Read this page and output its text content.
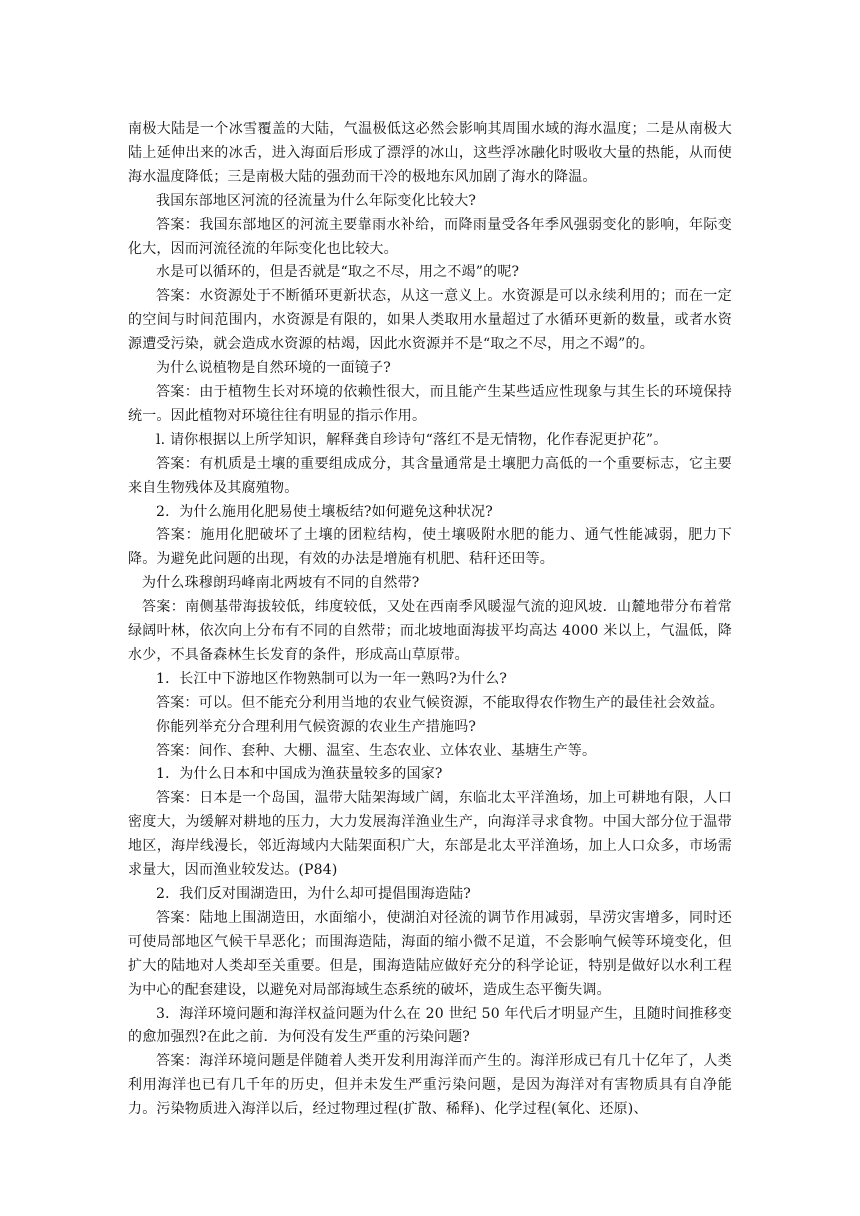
南极大陆是一个冰雪覆盖的大陆，气温极低这必然会影响其周围水域的海水温度；二是从南极大陆上延伸出来的冰舌，进入海面后形成了漂浮的冰山，这些浮冰融化时吸收大量的热能，从而使海水温度降低；三是南极大陆的强劲而干冷的极地东风加剧了海水的降温。

我国东部地区河流的径流量为什么年际变化比较大?

答案：我国东部地区的河流主要靠雨水补给，而降雨量受各年季风强弱变化的影响，年际变化大，因而河流径流的年际变化也比较大。

水是可以循环的，但是否就是“取之不尽，用之不竭”的呢?

答案：水资源处于不断循环更新状态，从这一意义上。水资源是可以永续利用的；而在一定的空间与时间范围内，水资源是有限的，如果人类取用水量超过了水循环更新的数量，或者水资源遭受污染，就会造成水资源的枯竭，因此水资源并不是“取之不尽，用之不竭”的。

为什么说植物是自然环境的一面镜子?

答案：由于植物生长对环境的依赖性很大，而且能产生某些适应性现象与其生长的环境保持统一。因此植物对环境往往有明显的指示作用。

l. 请你根据以上所学知识，解释龚自珍诗句“落红不是无情物，化作春泥更护花”。

答案：有机质是土壤的重要组成成分，其含量通常是土壤肥力高低的一个重要标志，它主要来自生物残体及其腐殖物。

2．为什么施用化肥易使土壤板结?如何避免这种状况?

答案：施用化肥破坏了土壤的团粒结构，使土壤吸附水肥的能力、通气性能减弱，肥力下降。为避免此问题的出现，有效的办法是增施有机肥、秸秆还田等。

为什么珠穆朗玛峰南北两坡有不同的自然带?

答案：南侧基带海拔较低，纬度较低，又处在西南季风暖湿气流的迎风坡．山麓地带分布着常绿阔叶林，依次向上分布有不同的自然带；而北坡地面海拔平均高达 4000 米以上，气温低，降水少，不具备森林生长发育的条件，形成高山草原带。

1．长江中下游地区作物熟制可以为一年一熟吗?为什么?

答案：可以。但不能充分利用当地的农业气候资源，不能取得农作物生产的最佳社会效益。

你能列举充分合理利用气候资源的农业生产措施吗?

答案：间作、套种、大棚、温室、生态农业、立体农业、基塘生产等。

1．为什么日本和中国成为渔获量较多的国家?

答案：日本是一个岛国，温带大陆架海域广阔，东临北太平洋渔场，加上可耕地有限，人口密度大，为缓解对耕地的压力，大力发展海洋渔业生产，向海洋寻求食物。中国大部分位于温带地区，海岸线漫长，邻近海域内大陆架面积广大，东部是北太平洋渔场，加上人口众多，市场需求量大，因而渔业较发达。(P84)

2．我们反对围湖造田，为什么却可提倡围海造陆?

答案：陆地上围湖造田，水面缩小，使湖泊对径流的调节作用减弱，旱涝灾害增多，同时还可使局部地区气候干旱恶化；而围海造陆，海面的缩小微不足道，不会影响气候等环境变化，但扩大的陆地对人类却至关重要。但是，围海造陆应做好充分的科学论证，特别是做好以水利工程为中心的配套建设，以避免对局部海域生态系统的破坏，造成生态平衡失调。

3．海洋环境问题和海洋权益问题为什么在 20 世纪 50 年代后才明显产生，且随时间推移变的愈加强烈?在此之前．为何没有发生严重的污染问题?

答案：海洋环境问题是伴随着人类开发利用海洋而产生的。海洋形成已有几十亿年了，人类利用海洋也已有几千年的历史，但并未发生严重污染问题，是因为海洋对有害物质具有自净能力。污染物质进入海洋以后，经过物理过程(扩散、稀释)、化学过程(氧化、还原)、
